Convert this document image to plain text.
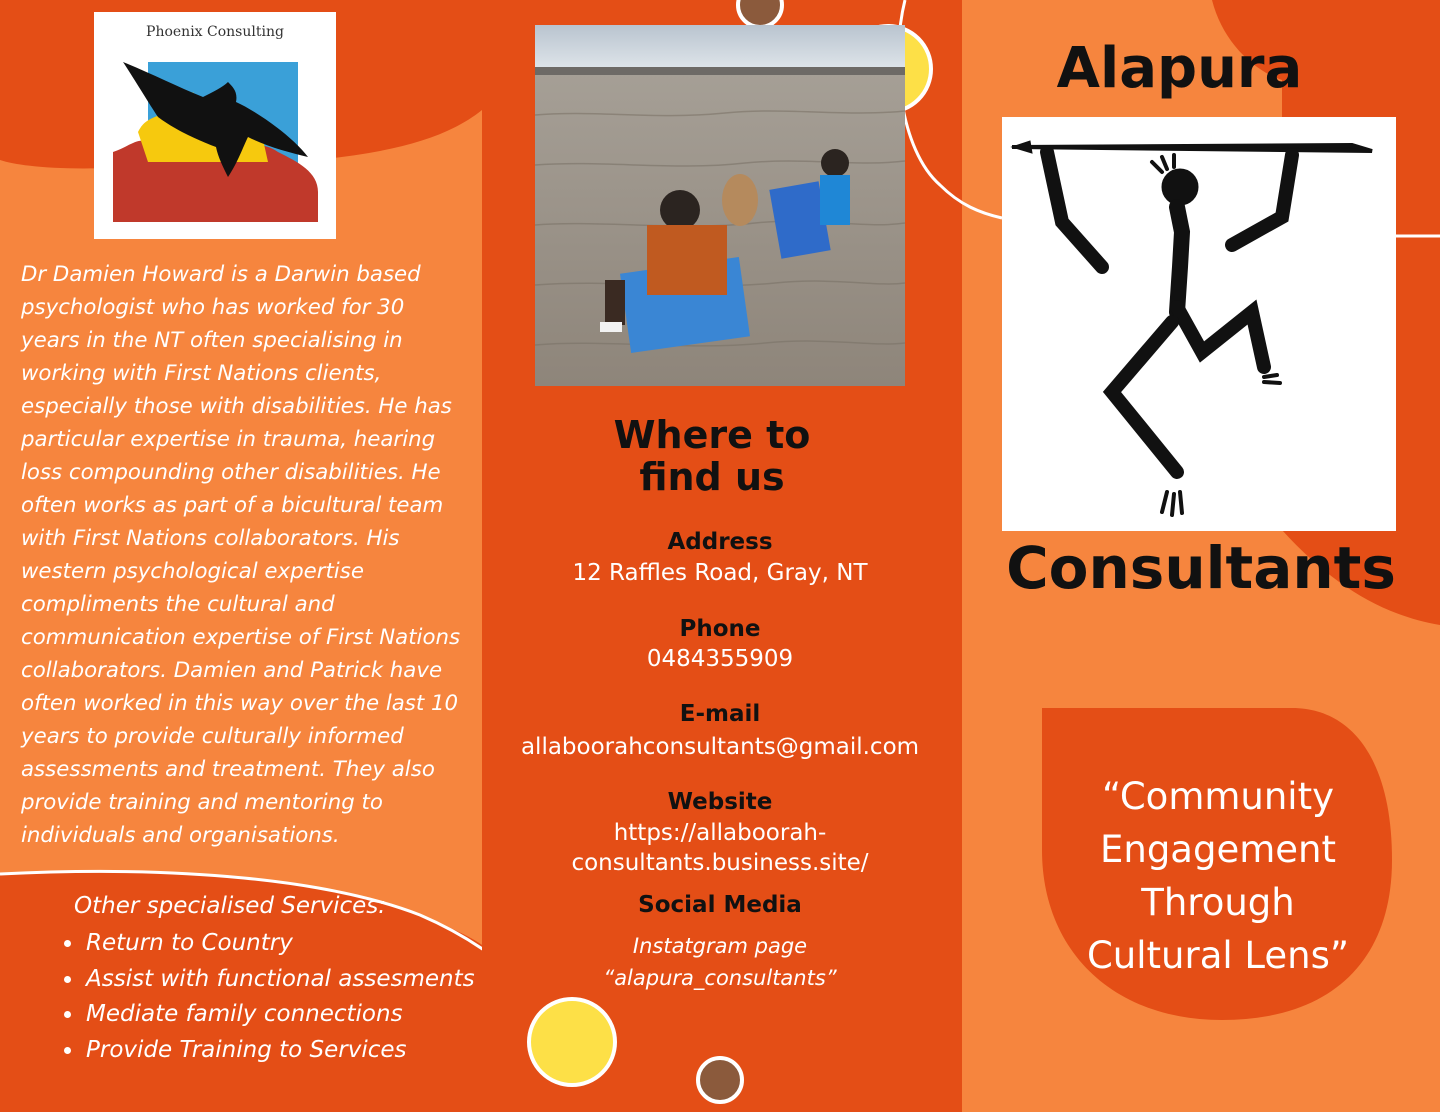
Phoenix Consulting
Dr Damien Howard is a Darwin based psychologist who has worked for 30 years in the NT often specialising in working with First Nations clients, especially those with disabilities. He has particular expertise in trauma, hearing loss compounding other disabilities. He often works as part of a bicultural team with First Nations collaborators. His western psychological expertise compliments the cultural and communication expertise of First Nations collaborators. Damien and Patrick have often worked in this way over the last 10 years to provide culturally informed assessments and treatment. They also provide training and mentoring to individuals and organisations.
Other specialised Services:
• Return to Country
• Assist with functional assesments
• Mediate family connections
• Provide Training to Services
Where to
find us
Address
12 Raffles Road, Gray, NT
Phone
0484355909
E-mail
allaboorahconsultants@gmail.com
Website
https://allaboorah-
consultants.business.site/
Social Media
Instatgram page
“alapura_consultants”
Alapura
Consultants
“Community
Engagement
Through
Cultural Lens”
